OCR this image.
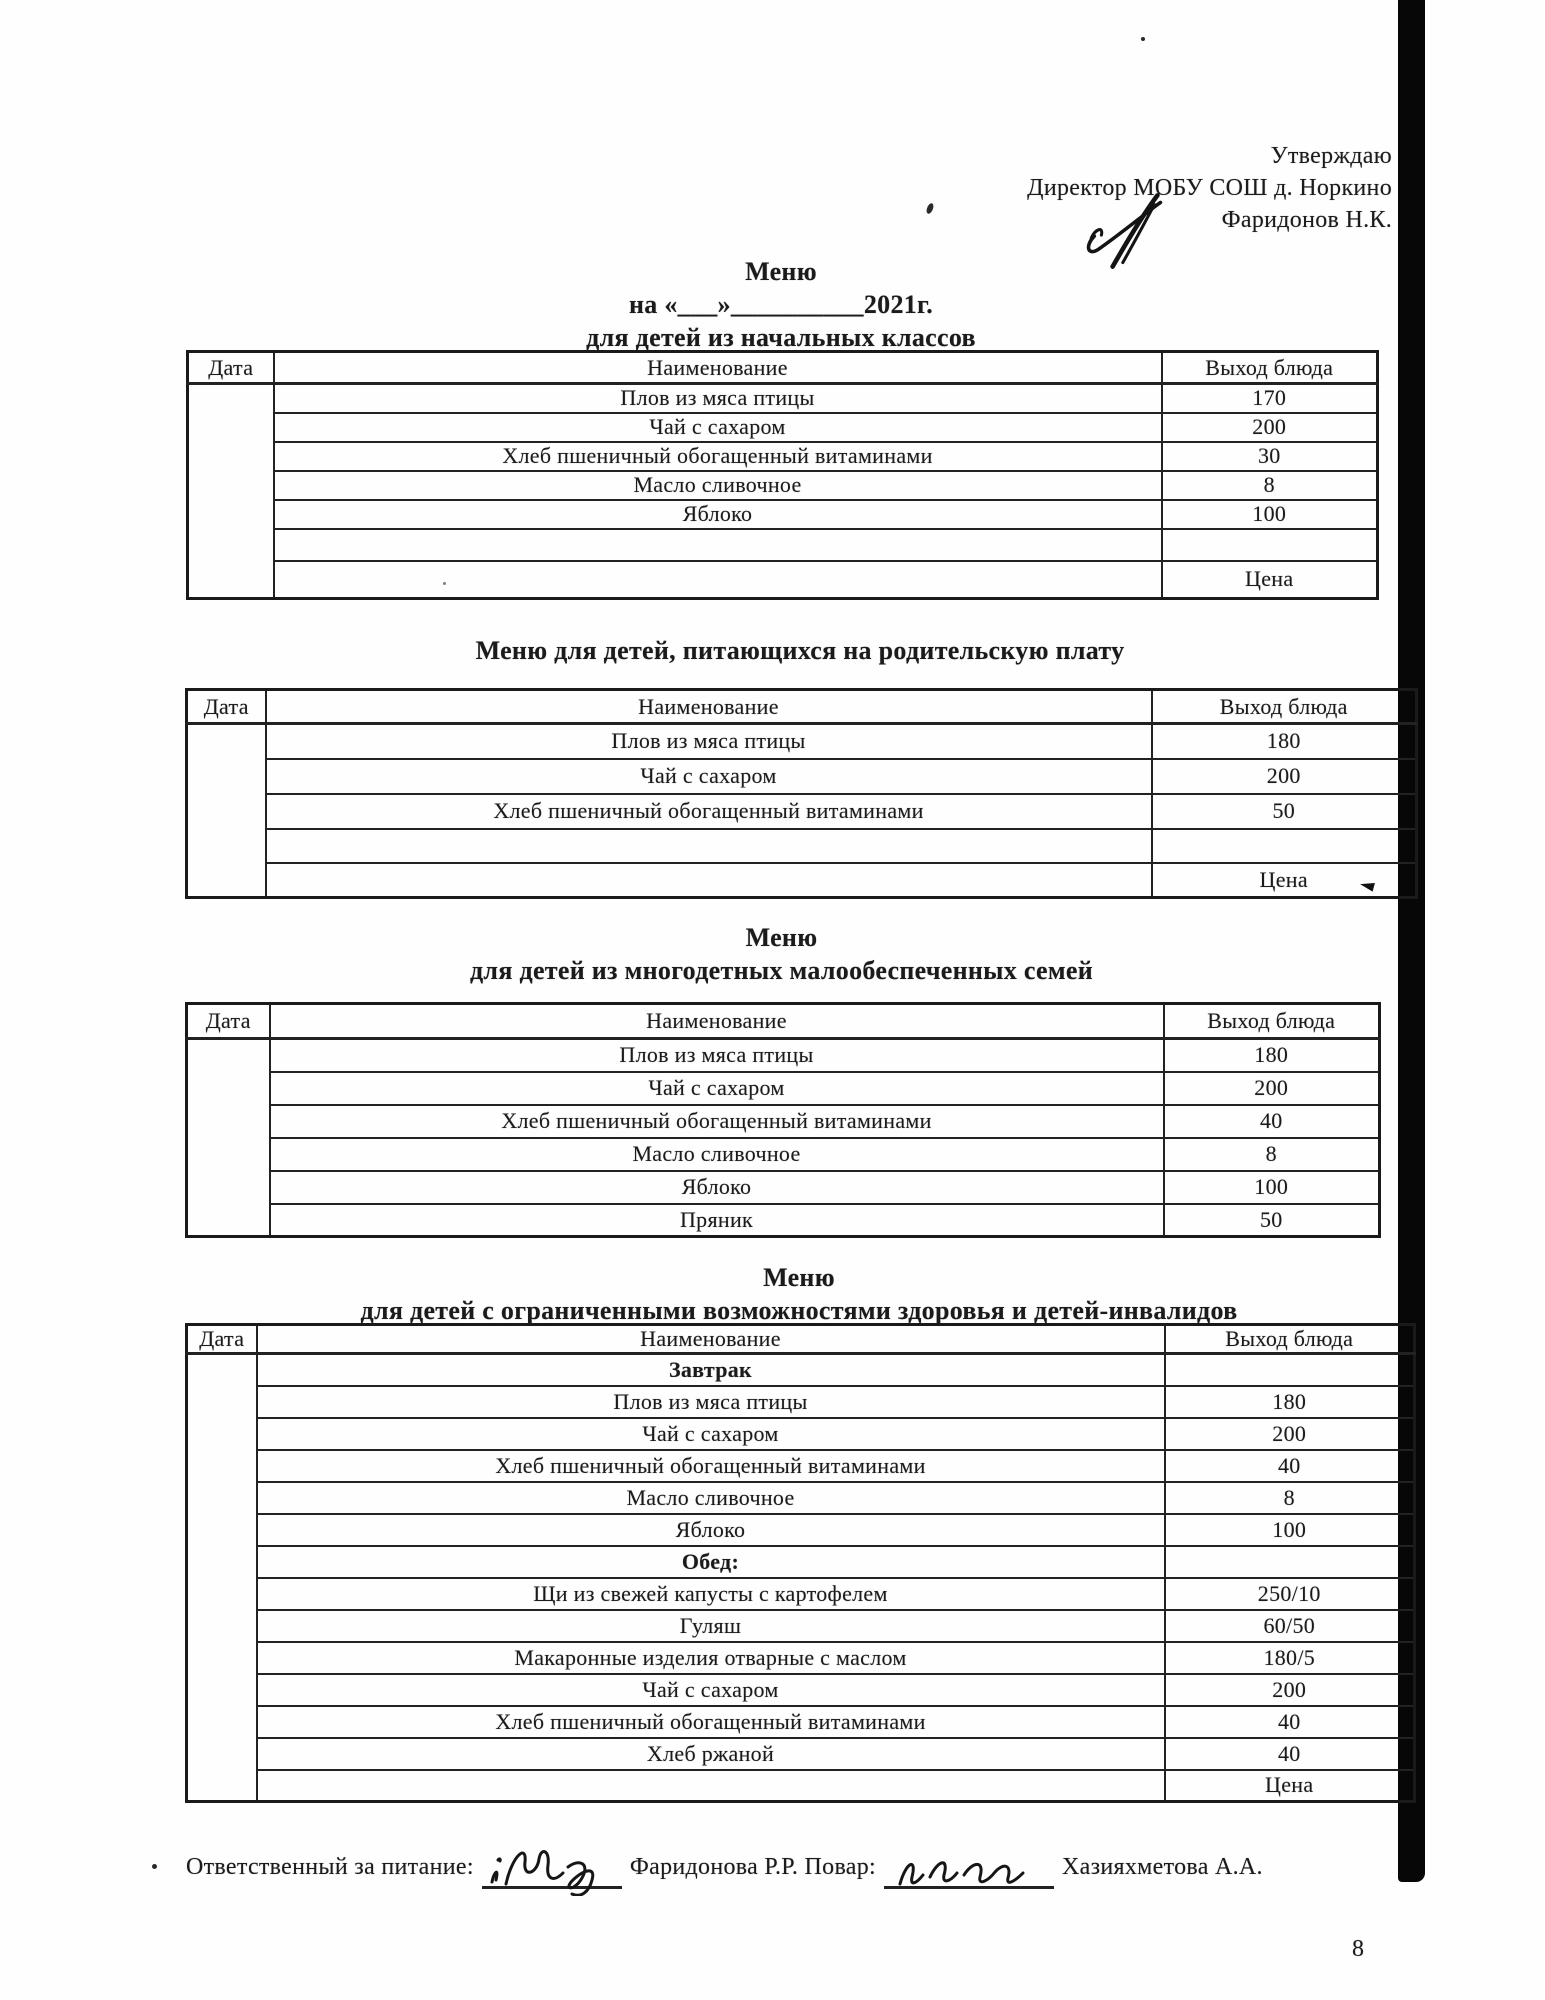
Утверждаю
Директор МОБУ СОШ д. Норкино
Фаридонов Н.К.
Меню
на «___»__________2021г.
для детей из начальных классов
Дата	Наименование	Выход блюда
	Плов из мяса птицы	170
	Чай с сахаром	200
	Хлеб пшеничный обогащенный витаминами	30
	Масло сливочное	8
	Яблоко	100

		Цена
Меню для детей, питающихся на родительскую плату
Дата	Наименование	Выход блюда
	Плов из мяса птицы	180
	Чай с сахаром	200
	Хлеб пшеничный обогащенный витаминами	50

		Цена
Меню
для детей из многодетных малообеспеченных семей
Дата	Наименование	Выход блюда
	Плов из мяса птицы	180
	Чай с сахаром	200
	Хлеб пшеничный обогащенный витаминами	40
	Масло сливочное	8
	Яблоко	100
	Пряник	50
Меню
для детей с ограниченными возможностями здоровья и детей-инвалидов
Дата	Наименование	Выход блюда
	Завтрак	
	Плов из мяса птицы	180
	Чай с сахаром	200
	Хлеб пшеничный обогащенный витаминами	40
	Масло сливочное	8
	Яблоко	100
	Обед:	
	Щи из свежей капусты с картофелем	250/10
	Гуляш	60/50
	Макаронные изделия отварные с маслом	180/5
	Чай с сахаром	200
	Хлеб пшеничный обогащенный витаминами	40
	Хлеб ржаной	40
		Цена
Ответственный за питание:	Фаридонова Р.Р. Повар:	Хазияхметова А.А.
8
